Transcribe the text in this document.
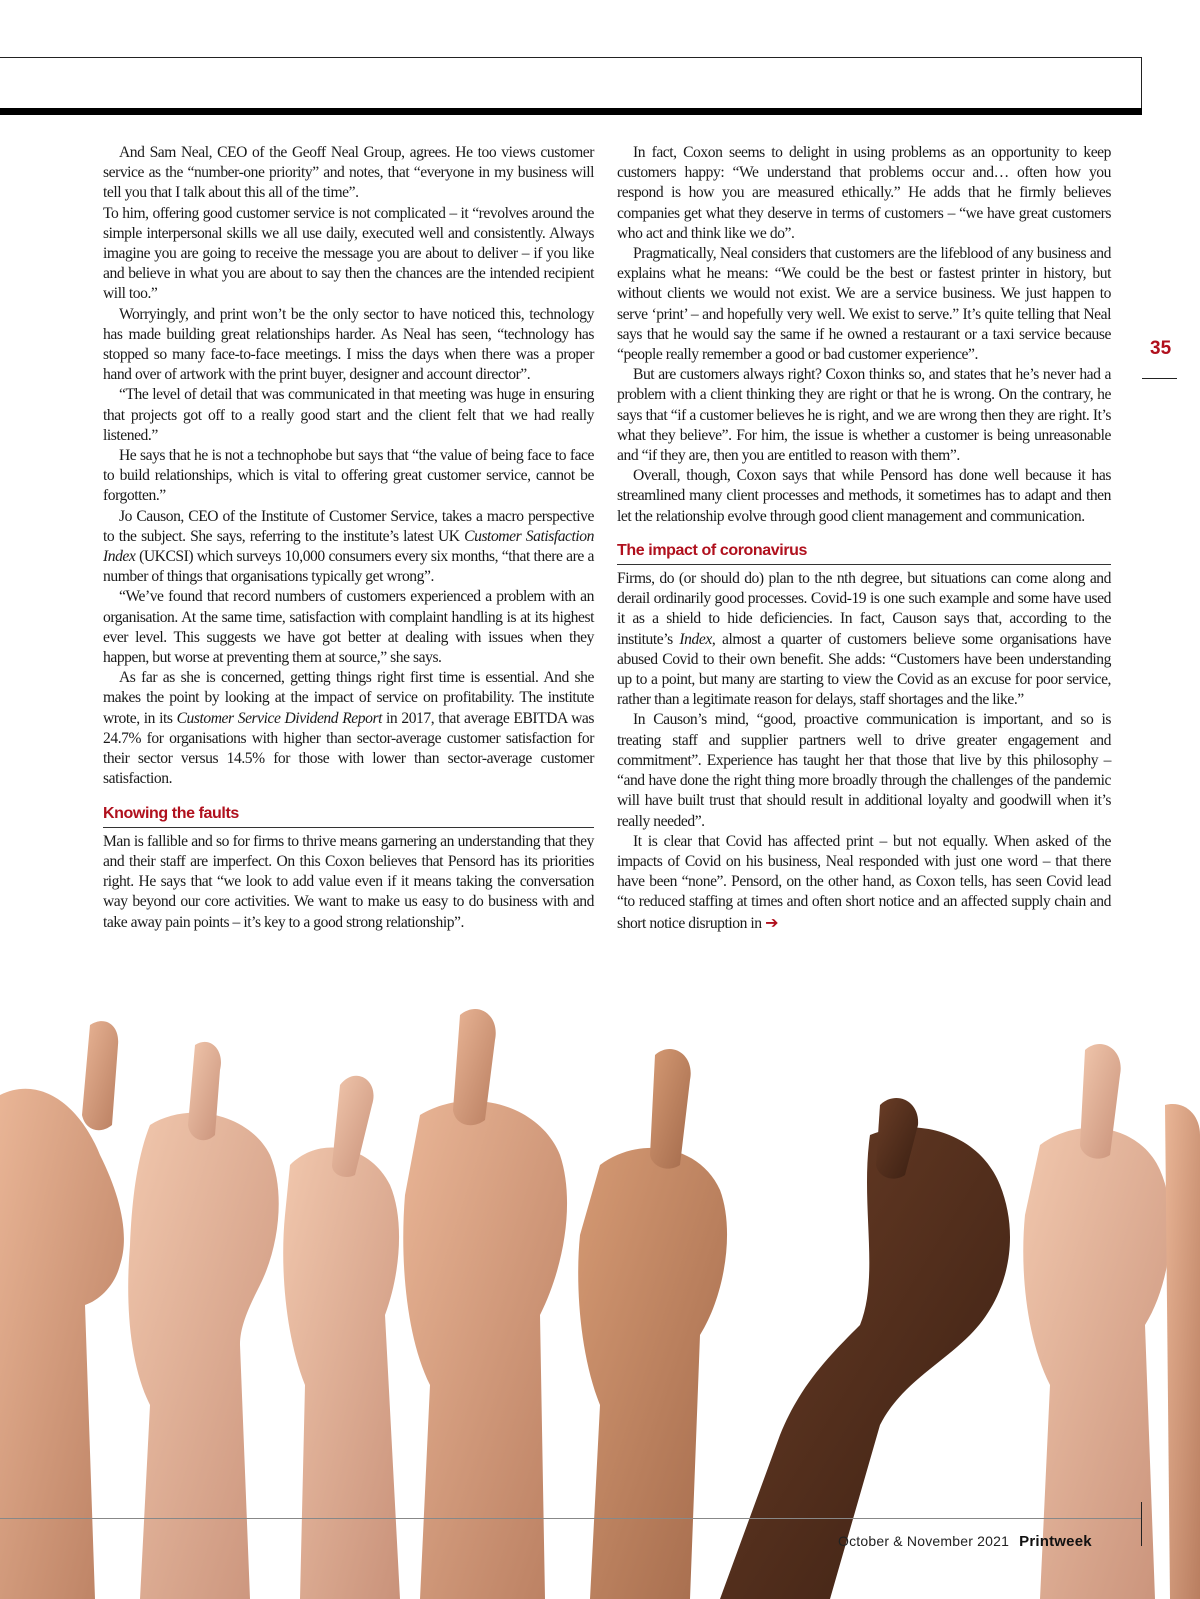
35

And Sam Neal, CEO of the Geoff Neal Group, agrees. He too views customer service as the “number-one priority” and notes, that “everyone in my business will tell you that I talk about this all of the time”.

To him, offering good customer service is not complicated – it “revolves around the simple interpersonal skills we all use daily, executed well and consistently. Always imagine you are going to receive the message you are about to deliver – if you like and believe in what you are about to say then the chances are the intended recipient will too.”

Worryingly, and print won’t be the only sector to have noticed this, technology has made building great relationships harder. As Neal has seen, “technology has stopped so many face-to-face meetings. I miss the days when there was a proper hand over of artwork with the print buyer, designer and account director”.

“The level of detail that was communicated in that meeting was huge in ensuring that projects got off to a really good start and the client felt that we had really listened.”

He says that he is not a technophobe but says that “the value of being face to face to build relationships, which is vital to offering great customer service, cannot be forgotten.”

Jo Causon, CEO of the Institute of Customer Service, takes a macro perspective to the subject. She says, referring to the institute’s latest UK Customer Satisfaction Index (UKCSI) which surveys 10,000 consumers every six months, “that there are a number of things that organisations typically get wrong”.

“We’ve found that record numbers of customers experienced a problem with an organisation. At the same time, satisfaction with complaint handling is at its highest ever level. This suggests we have got better at dealing with issues when they happen, but worse at preventing them at source,” she says.

As far as she is concerned, getting things right first time is essential. And she makes the point by looking at the impact of service on profitability. The institute wrote, in its Customer Service Dividend Report in 2017, that average EBITDA was 24.7% for organisations with higher than sector-average customer satisfaction for their sector versus 14.5% for those with lower than sector-average customer satisfaction.

Knowing the faults

Man is fallible and so for firms to thrive means garnering an understanding that they and their staff are imperfect. On this Coxon believes that Pensord has its priorities right. He says that “we look to add value even if it means taking the conversation way beyond our core activities. We want to make us easy to do business with and take away pain points – it’s key to a good strong relationship”.

In fact, Coxon seems to delight in using problems as an opportunity to keep customers happy: “We understand that problems occur and… often how you respond is how you are measured ethically.” He adds that he firmly believes companies get what they deserve in terms of customers – “we have great customers who act and think like we do”.

Pragmatically, Neal considers that customers are the lifeblood of any business and explains what he means: “We could be the best or fastest printer in history, but without clients we would not exist. We are a service business. We just happen to serve ‘print’ – and hopefully very well. We exist to serve.” It’s quite telling that Neal says that he would say the same if he owned a restaurant or a taxi service because “people really remember a good or bad customer experience”.

But are customers always right? Coxon thinks so, and states that he’s never had a problem with a client thinking they are right or that he is wrong. On the contrary, he says that “if a customer believes he is right, and we are wrong then they are right. It’s what they believe”. For him, the issue is whether a customer is being unreasonable and “if they are, then you are entitled to reason with them”.

Overall, though, Coxon says that while Pensord has done well because it has streamlined many client processes and methods, it sometimes has to adapt and then let the relationship evolve through good client management and communication.

The impact of coronavirus

Firms, do (or should do) plan to the nth degree, but situations can come along and derail ordinarily good processes. Covid-19 is one such example and some have used it as a shield to hide deficiencies. In fact, Causon says that, according to the institute’s Index, almost a quarter of customers believe some organisations have abused Covid to their own benefit. She adds: “Customers have been understanding up to a point, but many are starting to view the Covid as an excuse for poor service, rather than a legitimate reason for delays, staff shortages and the like.”

In Causon’s mind, “good, proactive communication is important, and so is treating staff and supplier partners well to drive greater engagement and commitment”. Experience has taught her that those that live by this philosophy – “and have done the right thing more broadly through the challenges of the pandemic will have built trust that should result in additional loyalty and goodwill when it’s really needed”.

It is clear that Covid has affected print – but not equally. When asked of the impacts of Covid on his business, Neal responded with just one word – that there have been “none”. Pensord, on the other hand, as Coxon tells, has seen Covid lead “to reduced staffing at times and often short notice and an affected supply chain and short notice disruption in ➔

October & November 2021 Printweek
